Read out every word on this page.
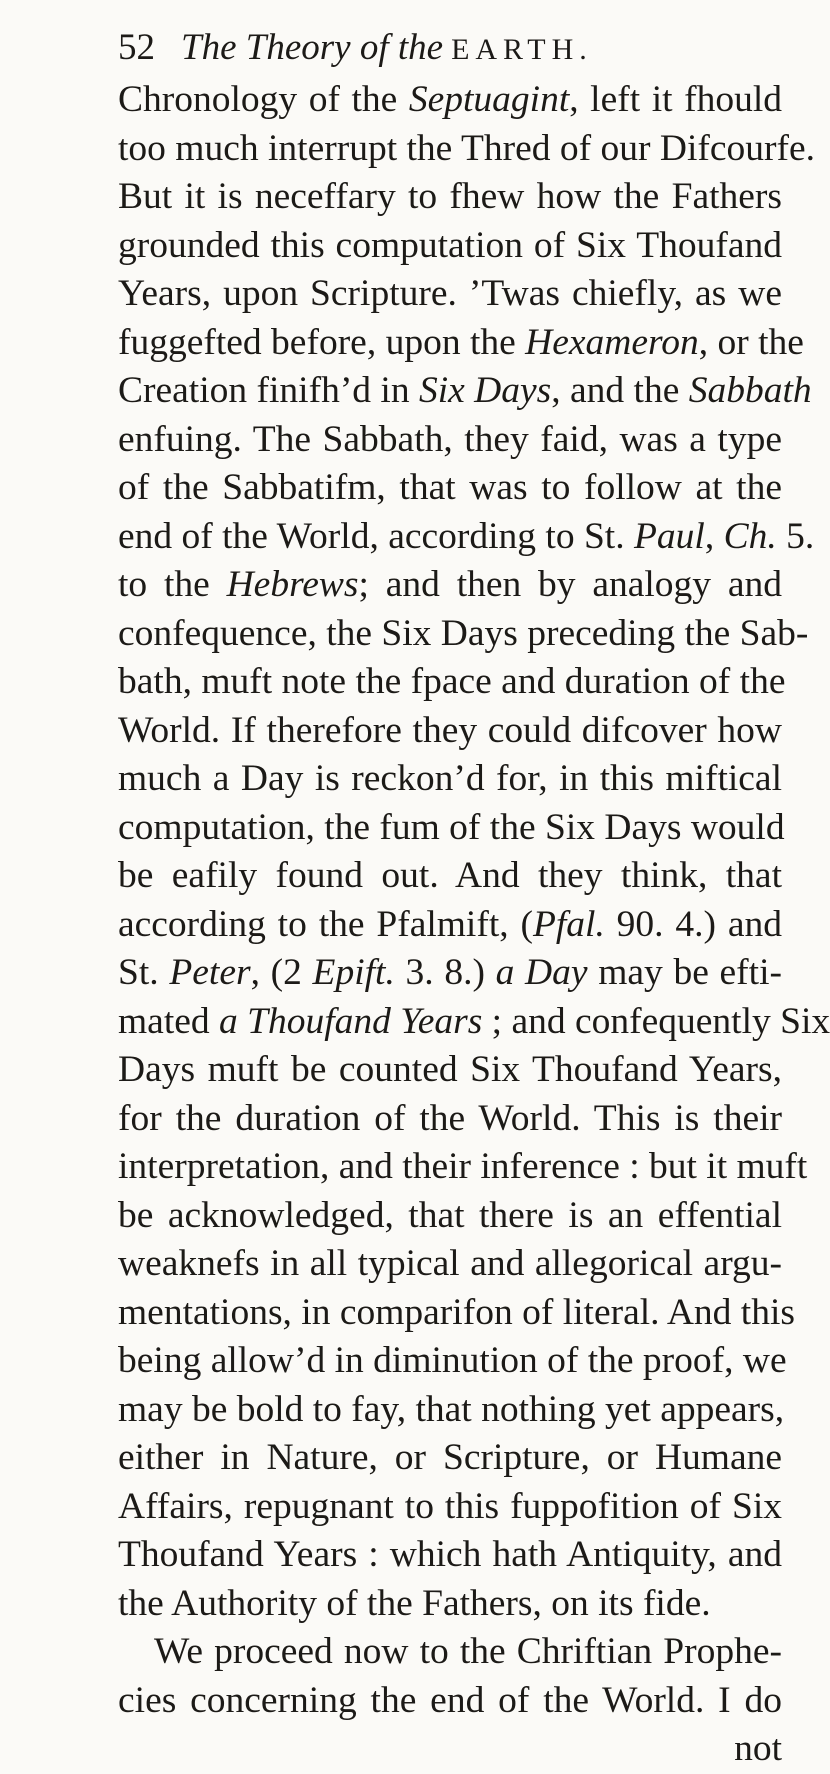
52 The Theory of the EARTH.
Chronology of the Septuagint, left it fhould
too much interrupt the Thred of our Difcourfe.
But it is neceffary to fhew how the Fathers
grounded this computation of Six Thoufand
Years, upon Scripture. ’Twas chiefly, as we
fuggefted before, upon the Hexameron, or the
Creation finifh’d in Six Days, and the Sabbath
enfuing. The Sabbath, they faid, was a type
of the Sabbatifm, that was to follow at the
end of the World, according to St. Paul, Ch. 5.
to the Hebrews; and then by analogy and
confequence, the Six Days preceding the Sab-
bath, muft note the fpace and duration of the
World. If therefore they could difcover how
much a Day is reckon’d for, in this miftical
computation, the fum of the Six Days would
be eafily found out. And they think, that
according to the Pfalmift, (Pfal. 90. 4.) and
St. Peter, (2 Epift. 3. 8.) a Day may be efti-
mated a Thoufand Years ; and confequently Six
Days muft be counted Six Thoufand Years,
for the duration of the World. This is their
interpretation, and their inference : but it muft
be acknowledged, that there is an effential
weaknefs in all typical and allegorical argu-
mentations, in comparifon of literal. And this
being allow’d in diminution of the proof, we
may be bold to fay, that nothing yet appears,
either in Nature, or Scripture, or Humane
Affairs, repugnant to this fuppofition of Six
Thoufand Years : which hath Antiquity, and
the Authority of the Fathers, on its fide.
We proceed now to the Chriftian Prophe-
cies concerning the end of the World. I do
not
